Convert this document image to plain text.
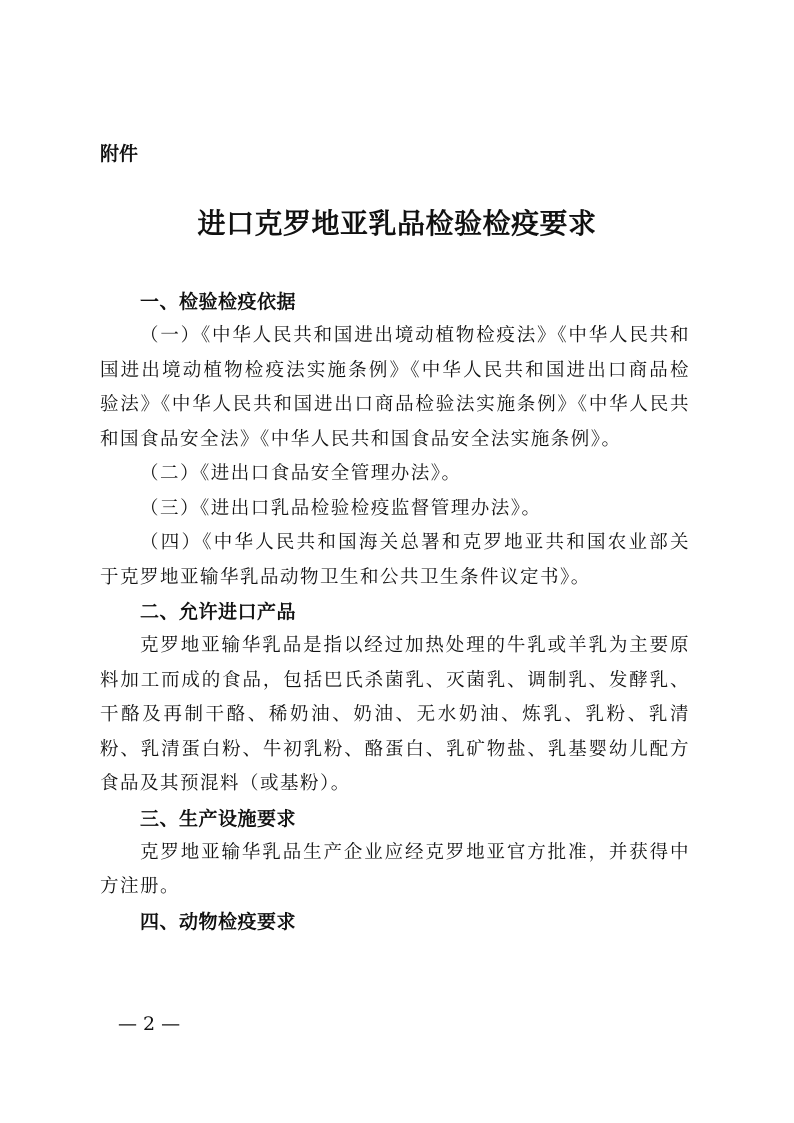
附件
进口克罗地亚乳品检验检疫要求
一、检验检疫依据

（一）《中华人民共和国进出境动植物检疫法》《中华人民共和国进出境动植物检疫法实施条例》《中华人民共和国进出口商品检验法》《中华人民共和国进出口商品检验法实施条例》《中华人民共和国食品安全法》《中华人民共和国食品安全法实施条例》。

（二）《进出口食品安全管理办法》。

（三）《进出口乳品检验检疫监督管理办法》。

（四）《中华人民共和国海关总署和克罗地亚共和国农业部关于克罗地亚输华乳品动物卫生和公共卫生条件议定书》。

二、允许进口产品

克罗地亚输华乳品是指以经过加热处理的牛乳或羊乳为主要原料加工而成的食品，包括巴氏杀菌乳、灭菌乳、调制乳、发酵乳、干酪及再制干酪、稀奶油、奶油、无水奶油、炼乳、乳粉、乳清粉、乳清蛋白粉、牛初乳粉、酪蛋白、乳矿物盐、乳基婴幼儿配方食品及其预混料（或基粉）。

三、生产设施要求

克罗地亚输华乳品生产企业应经克罗地亚官方批准，并获得中方注册。

四、动物检疫要求
— 2 —
